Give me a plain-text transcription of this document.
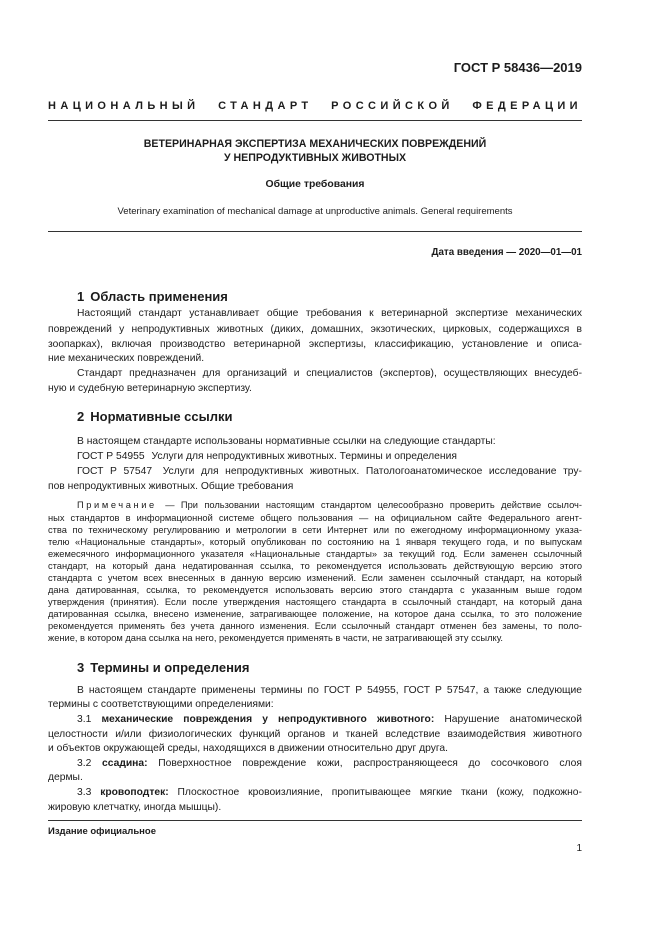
ГОСТ Р 58436—2019
НАЦИОНАЛЬНЫЙ СТАНДАРТ РОССИЙСКОЙ ФЕДЕРАЦИИ
ВЕТЕРИНАРНАЯ ЭКСПЕРТИЗА МЕХАНИЧЕСКИХ ПОВРЕЖДЕНИЙ
У НЕПРОДУКТИВНЫХ ЖИВОТНЫХ
Общие требования
Veterinary examination of mechanical damage at unproductive animals. General requirements
Дата введения — 2020—01—01
1 Область применения
Настоящий стандарт устанавливает общие требования к ветеринарной экспертизе механических
повреждений у непродуктивных животных (диких, домашних, экзотических, цирковых, содержащихся в
зоопарках), включая производство ветеринарной экспертизы, классификацию, установление и описа-
ние механических повреждений.
Стандарт предназначен для организаций и специалистов (экспертов), осуществляющих внесудеб-
ную и судебную ветеринарную экспертизу.
2 Нормативные ссылки
В настоящем стандарте использованы нормативные ссылки на следующие стандарты:
ГОСТ Р 54955 Услуги для непродуктивных животных. Термины и определения
ГОСТ Р 57547 Услуги для непродуктивных животных. Патологоанатомическое исследование тру-
пов непродуктивных животных. Общие требования
Примечание — При пользовании настоящим стандартом целесообразно проверить действие ссылоч-
ных стандартов в информационной системе общего пользования — на официальном сайте Федерального агент-
ства по техническому регулированию и метрологии в сети Интернет или по ежегодному информационному указа-
телю «Национальные стандарты», который опубликован по состоянию на 1 января текущего года, и по выпускам
ежемесячного информационного указателя «Национальные стандарты» за текущий год. Если заменен ссылочный
стандарт, на который дана недатированная ссылка, то рекомендуется использовать действующую версию этого
стандарта с учетом всех внесенных в данную версию изменений. Если заменен ссылочный стандарт, на который
дана датированная, ссылка, то рекомендуется использовать версию этого стандарта с указанным выше годом
утверждения (принятия). Если после утверждения настоящего стандарта в ссылочный стандарт, на который дана
датированная ссылка, внесено изменение, затрагивающее положение, на которое дана ссылка, то это положение
рекомендуется применять без учета данного изменения. Если ссылочный стандарт отменен без замены, то поло-
жение, в котором дана ссылка на него, рекомендуется применять в части, не затрагивающей эту ссылку.
3 Термины и определения
В настоящем стандарте применены термины по ГОСТ Р 54955, ГОСТ Р 57547, а также следующие
термины с соответствующими определениями:
3.1 механические повреждения у непродуктивного животного: Нарушение анатомической
целостности и/или физиологических функций органов и тканей вследствие взаимодействия животного
и объектов окружающей среды, находящихся в движении относительно друг друга.
3.2 ссадина: Поверхностное повреждение кожи, распространяющееся до сосочкового слоя
дермы.
3.3 кровоподтек: Плоскостное кровоизлияние, пропитывающее мягкие ткани (кожу, подкожно-
жировую клетчатку, иногда мышцы).
Издание официальное
1
